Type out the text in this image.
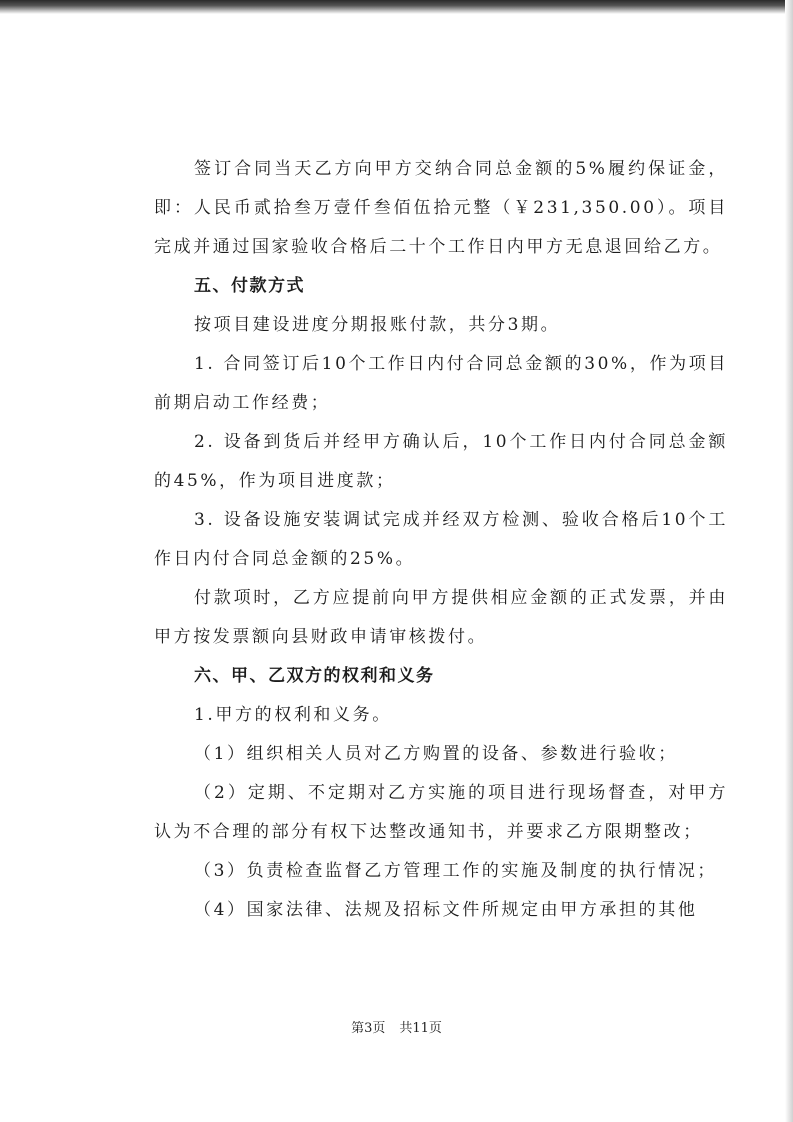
签订合同当天乙方向甲方交纳合同总金额的5%履约保证金，即：人民币贰拾叁万壹仟叁佰伍拾元整（￥231,350.00）。项目完成并通过国家验收合格后二十个工作日内甲方无息退回给乙方。

五、付款方式

按项目建设进度分期报账付款，共分3期。

1. 合同签订后10个工作日内付合同总金额的30%，作为项目前期启动工作经费；

2. 设备到货后并经甲方确认后，10个工作日内付合同总金额的45%，作为项目进度款；

3. 设备设施安装调试完成并经双方检测、验收合格后10个工作日内付合同总金额的25%。

付款项时，乙方应提前向甲方提供相应金额的正式发票，并由甲方按发票额向县财政申请审核拨付。

六、甲、乙双方的权利和义务

1.甲方的权利和义务。

（1）组织相关人员对乙方购置的设备、参数进行验收；

（2）定期、不定期对乙方实施的项目进行现场督查，对甲方认为不合理的部分有权下达整改通知书，并要求乙方限期整改；

（3）负责检查监督乙方管理工作的实施及制度的执行情况；

（4）国家法律、法规及招标文件所规定由甲方承担的其他

第3页 共11页
